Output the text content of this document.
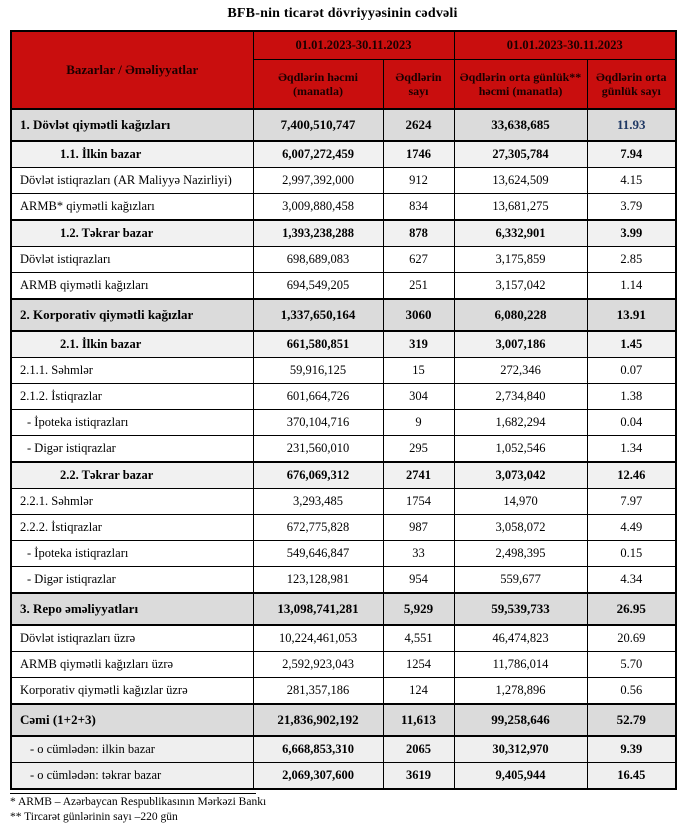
BFB-nin ticarət dövriyyəsinin cədvəli
Bazarlar / Əməliyyatlar	01.01.2023-30.11.2023		01.01.2023-30.11.2023	
	Əqdlərin həcmi (manatla)	Əqdlərin sayı	Əqdlərin orta günlük** həcmi (manatla)	Əqdlərin orta günlük sayı
1. Dövlət qiymətli kağızları	7,400,510,747	2624	33,638,685	11.93
1.1. İlkin bazar	6,007,272,459	1746	27,305,784	7.94
Dövlət istiqrazları (AR Maliyyə Nazirliyi)	2,997,392,000	912	13,624,509	4.15
ARMB* qiymətli kağızları	3,009,880,458	834	13,681,275	3.79
1.2. Təkrar bazar	1,393,238,288	878	6,332,901	3.99
Dövlət istiqrazları	698,689,083	627	3,175,859	2.85
ARMB qiymətli kağızları	694,549,205	251	3,157,042	1.14
2. Korporativ qiymətli kağızlar	1,337,650,164	3060	6,080,228	13.91
2.1. İlkin bazar	661,580,851	319	3,007,186	1.45
2.1.1. Səhmlər	59,916,125	15	272,346	0.07
2.1.2. İstiqrazlar	601,664,726	304	2,734,840	1.38
- İpoteka istiqrazları	370,104,716	9	1,682,294	0.04
- Digər istiqrazlar	231,560,010	295	1,052,546	1.34
2.2. Təkrar bazar	676,069,312	2741	3,073,042	12.46
2.2.1. Səhmlər	3,293,485	1754	14,970	7.97
2.2.2. İstiqrazlar	672,775,828	987	3,058,072	4.49
- İpoteka istiqrazları	549,646,847	33	2,498,395	0.15
- Digər istiqrazlar	123,128,981	954	559,677	4.34
3. Repo əməliyyatları	13,098,741,281	5,929	59,539,733	26.95
Dövlət istiqrazları üzrə	10,224,461,053	4,551	46,474,823	20.69
ARMB qiymətli kağızları üzrə	2,592,923,043	1254	11,786,014	5.70
Korporativ qiymətli kağızlar üzrə	281,357,186	124	1,278,896	0.56
Cəmi (1+2+3)	21,836,902,192	11,613	99,258,646	52.79
- o cümlədən: ilkin bazar	6,668,853,310	2065	30,312,970	9.39
- o cümlədən: təkrar bazar	2,069,307,600	3619	9,405,944	16.45
* ARMB – Azərbaycan Respublikasının Mərkəzi Bankı
** Tircarət günlərinin sayı –220 gün
